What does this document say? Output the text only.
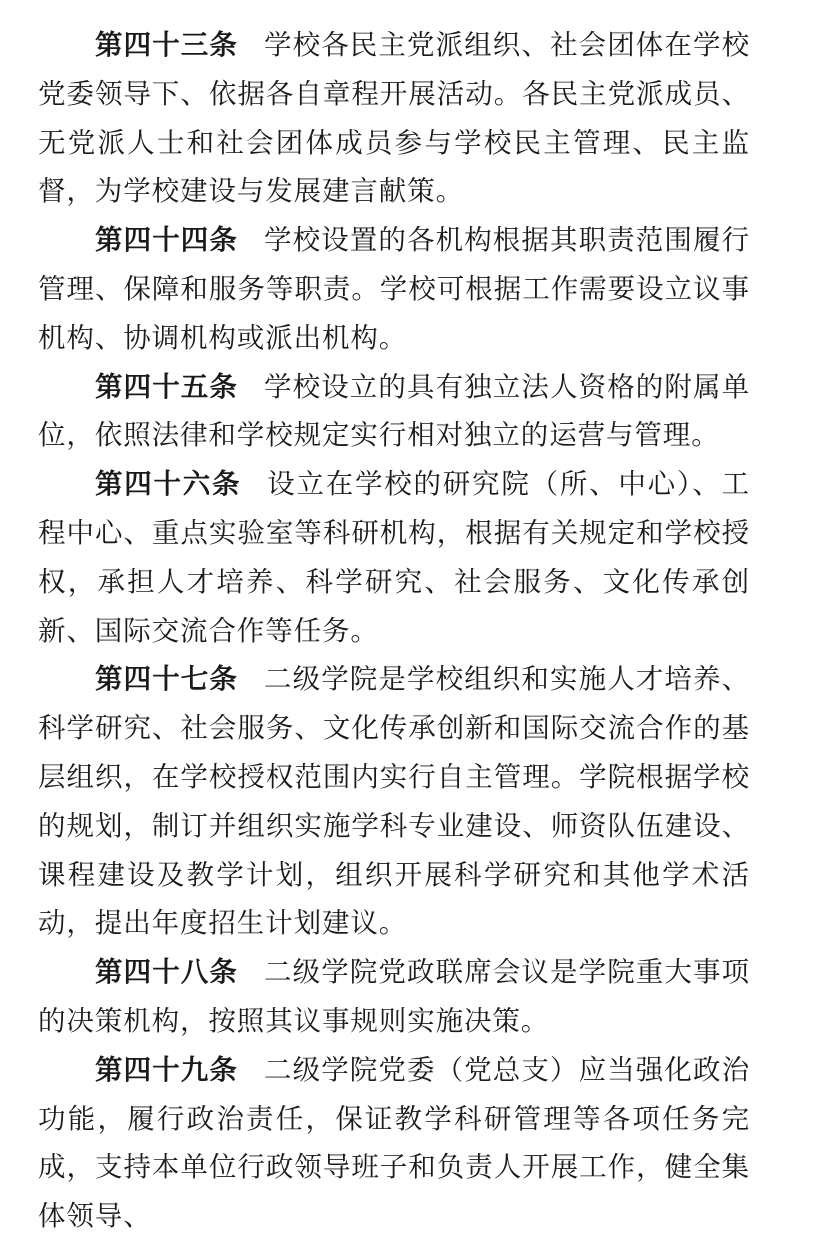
第四十三条 学校各民主党派组织、社会团体在学校党委领导下、依据各自章程开展活动。各民主党派成员、无党派人士和社会团体成员参与学校民主管理、民主监督，为学校建设与发展建言献策。

第四十四条 学校设置的各机构根据其职责范围履行管理、保障和服务等职责。学校可根据工作需要设立议事机构、协调机构或派出机构。

第四十五条 学校设立的具有独立法人资格的附属单位，依照法律和学校规定实行相对独立的运营与管理。

第四十六条 设立在学校的研究院（所、中心）、工程中心、重点实验室等科研机构，根据有关规定和学校授权，承担人才培养、科学研究、社会服务、文化传承创新、国际交流合作等任务。

第四十七条 二级学院是学校组织和实施人才培养、科学研究、社会服务、文化传承创新和国际交流合作的基层组织，在学校授权范围内实行自主管理。学院根据学校的规划，制订并组织实施学科专业建设、师资队伍建设、课程建设及教学计划，组织开展科学研究和其他学术活动，提出年度招生计划建议。

第四十八条 二级学院党政联席会议是学院重大事项的决策机构，按照其议事规则实施决策。

第四十九条 二级学院党委（党总支）应当强化政治功能，履行政治责任，保证教学科研管理等各项任务完成，支持本单位行政领导班子和负责人开展工作，健全集体领导、
